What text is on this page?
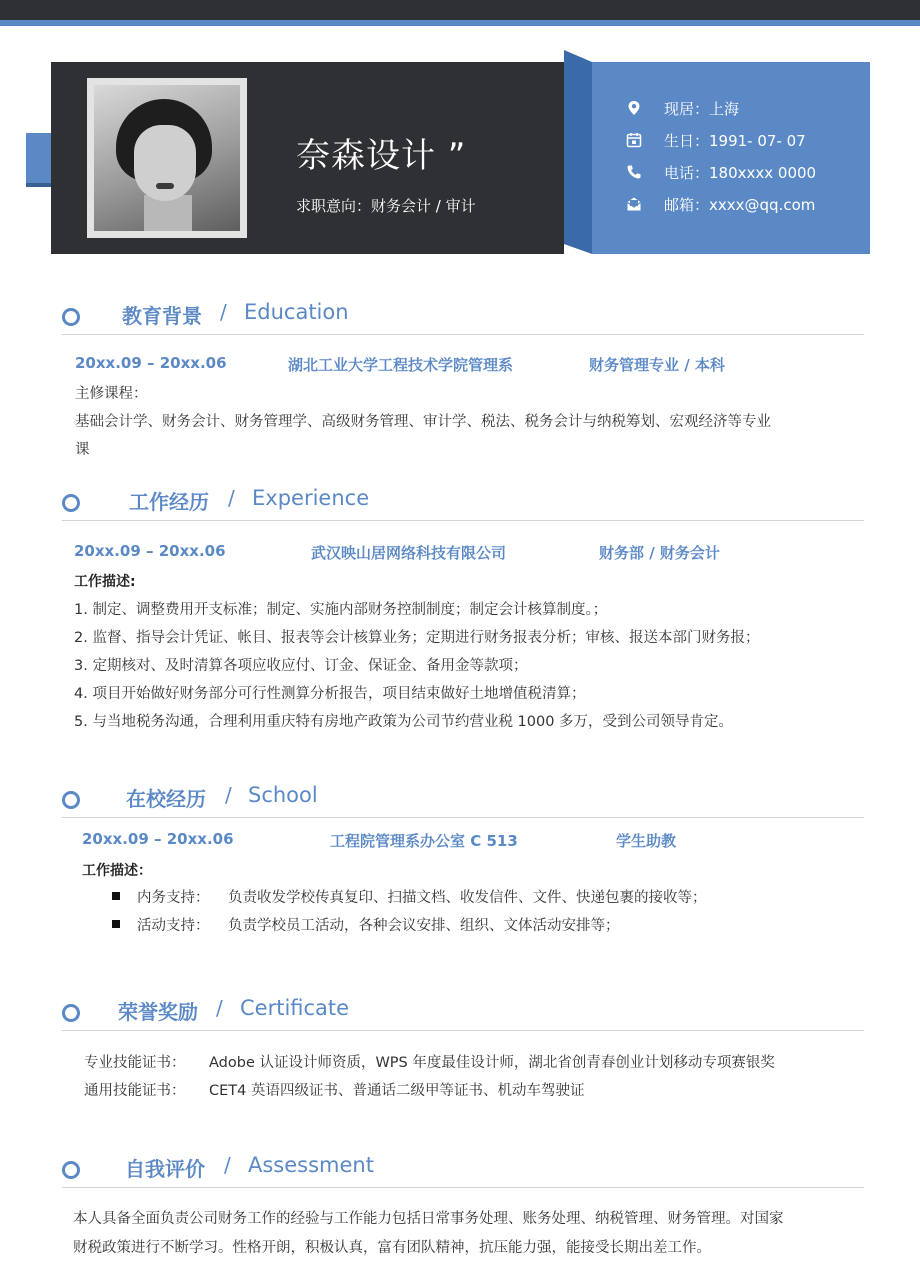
奈森设计 ”
求职意向：财务会计 / 审计
现居：上海
生日：1991- 07- 07
电话：180xxxx 0000
邮箱：xxxx@qq.com
教育背景 / Education
20xx.09 – 20xx.06	湖北工业大学工程技术学院管理系	财务管理专业 / 本科
主修课程：
基础会计学、财务会计、财务管理学、高级财务管理、审计学、税法、税务会计与纳税筹划、宏观经济等专业
课
工作经历 / Experience
20xx.09 – 20xx.06	武汉映山居网络科技有限公司	财务部 / 财务会计
工作描述:
1. 制定、调整费用开支标准；制定、实施内部财务控制制度；制定会计核算制度。；
2. 监督、指导会计凭证、帐目、报表等会计核算业务；定期进行财务报表分析；审核、报送本部门财务报；
3. 定期核对、及时清算各项应收应付、订金、保证金、备用金等款项；
4. 项目开始做好财务部分可行性测算分析报告，项目结束做好土地增值税清算；
5. 与当地税务沟通，合理利用重庆特有房地产政策为公司节约营业税 1000 多万，受到公司领导肯定。
在校经历 / School
20xx.09 – 20xx.06	工程院管理系办公室 C 513	学生助教
工作描述：
内务支持： 负责收发学校传真复印、扫描文档、收发信件、文件、快递包裹的接收等；
活动支持： 负责学校员工活动，各种会议安排、组织、文体活动安排等；
荣誉奖励 / Certificate
专业技能证书： Adobe 认证设计师资质，WPS 年度最佳设计师，湖北省创青春创业计划移动专项赛银奖
通用技能证书： CET4 英语四级证书、普通话二级甲等证书、机动车驾驶证
自我评价 / Assessment
本人具备全面负责公司财务工作的经验与工作能力包括日常事务处理、账务处理、纳税管理、财务管理。对国家
财税政策进行不断学习。性格开朗，积极认真，富有团队精神，抗压能力强，能接受长期出差工作。
